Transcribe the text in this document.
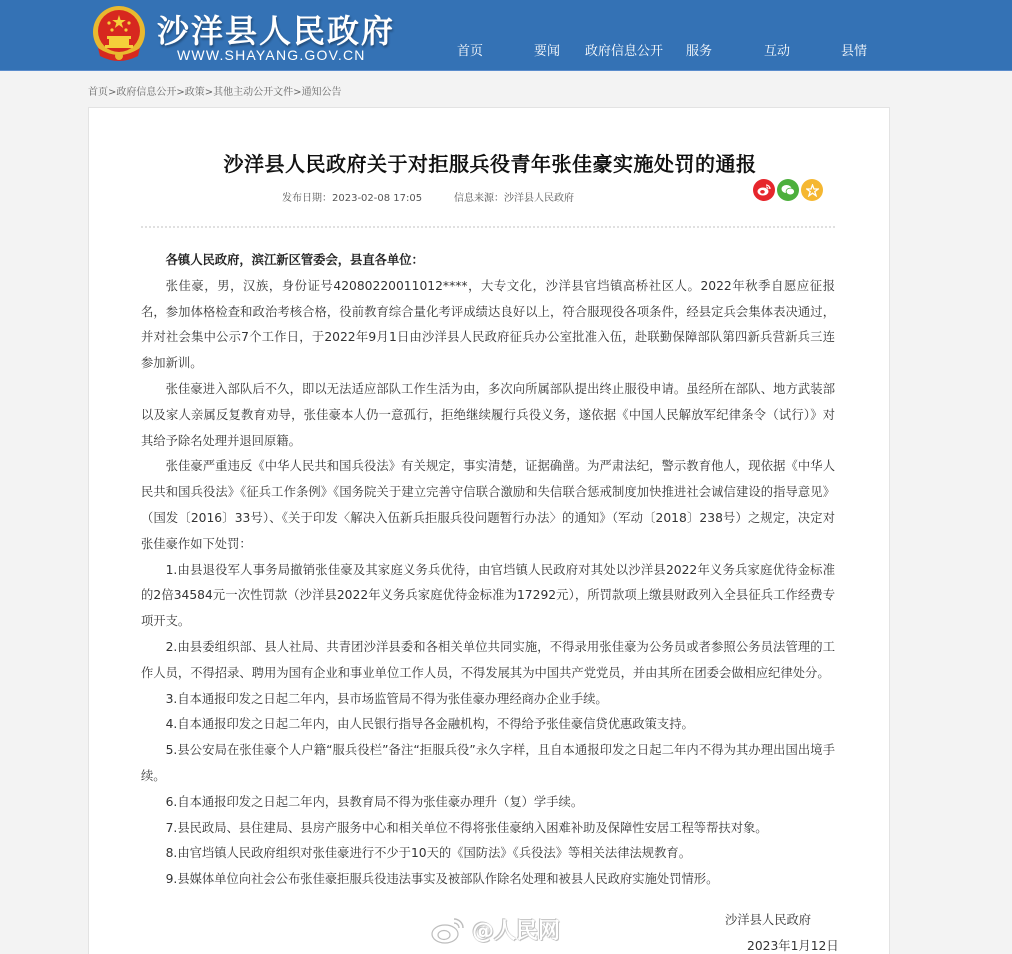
沙洋县人民政府
WWW.SHAYANG.GOV.CN	首页	要闻 政府信息公开 服务	互动	县情
首页>政府信息公开>政策>其他主动公开文件>通知公告
沙洋县人民政府关于对拒服兵役青年张佳豪实施处罚的通报
发布日期：2023-02-08 17:05	信息来源：沙洋县人民政府

各镇人民政府，滨江新区管委会，县直各单位：

张佳豪，男，汉族，身份证号42080220011012****，大专文化，沙洋县官垱镇高桥社区人。2022年秋季自愿应征报名，参加体格检查和政治考核合格，役前教育综合量化考评成绩达良好以上，符合服现役各项条件，经县定兵会集体表决通过，并对社会集中公示7个工作日，于2022年9月1日由沙洋县人民政府征兵办公室批准入伍，赴联勤保障部队第四新兵营新兵三连参加新训。

张佳豪进入部队后不久，即以无法适应部队工作生活为由，多次向所属部队提出终止服役申请。虽经所在部队、地方武装部以及家人亲属反复教育劝导，张佳豪本人仍一意孤行，拒绝继续履行兵役义务，遂依据《中国人民解放军纪律条令（试行）》对其给予除名处理并退回原籍。

张佳豪严重违反《中华人民共和国兵役法》有关规定，事实清楚，证据确凿。为严肃法纪，警示教育他人，现依据《中华人民共和国兵役法》《征兵工作条例》《国务院关于建立完善守信联合激励和失信联合惩戒制度加快推进社会诚信建设的指导意见》（国发〔2016〕33号）、《关于印发〈解决入伍新兵拒服兵役问题暂行办法〉的通知》（军动〔2018〕238号）之规定，决定对张佳豪作如下处罚：

1.由县退役军人事务局撤销张佳豪及其家庭义务兵优待，由官垱镇人民政府对其处以沙洋县2022年义务兵家庭优待金标准的2倍34584元一次性罚款（沙洋县2022年义务兵家庭优待金标准为17292元），所罚款项上缴县财政列入全县征兵工作经费专项开支。

2.由县委组织部、县人社局、共青团沙洋县委和各相关单位共同实施，不得录用张佳豪为公务员或者参照公务员法管理的工作人员，不得招录、聘用为国有企业和事业单位工作人员，不得发展其为中国共产党党员，并由其所在团委会做相应纪律处分。

3.自本通报印发之日起二年内，县市场监管局不得为张佳豪办理经商办企业手续。

4.自本通报印发之日起二年内，由人民银行指导各金融机构，不得给予张佳豪信贷优惠政策支持。

5.县公安局在张佳豪个人户籍“服兵役栏”备注“拒服兵役”永久字样，且自本通报印发之日起二年内不得为其办理出国出境手续。

6.自本通报印发之日起二年内，县教育局不得为张佳豪办理升（复）学手续。

7.县民政局、县住建局、县房产服务中心和相关单位不得将张佳豪纳入困难补助及保障性安居工程等帮扶对象。

8.由官垱镇人民政府组织对张佳豪进行不少于10天的《国防法》《兵役法》等相关法律法规教育。

9.县媒体单位向社会公布张佳豪拒服兵役违法事实及被部队作除名处理和被县人民政府实施处罚情形。

沙洋县人民政府
2023年1月12日
@人民网
